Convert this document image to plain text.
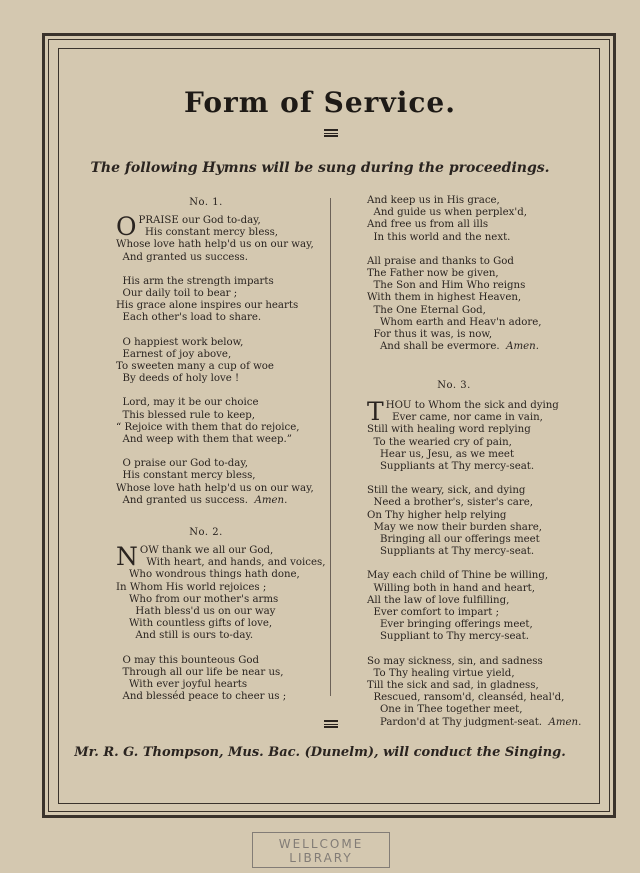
Form of Service.
The following Hymns will be sung during the proceedings.
No. 1.
OPRAISE our God to-day,
His constant mercy bless,
Whose love hath help'd us on our way,
And granted us success.
His arm the strength imparts
Our daily toil to bear ;
His grace alone inspires our hearts
Each other's load to share.
O happiest work below,
Earnest of joy above,
To sweeten many a cup of woe
By deeds of holy love !
Lord, may it be our choice
This blessed rule to keep,
“ Rejoice with them that do rejoice,
And weep with them that weep.”
O praise our God to-day,
His constant mercy bless,
Whose love hath help'd us on our way,
And granted us success.  Amen.
No. 2.
NOW thank we all our God,
With heart, and hands, and voices,
Who wondrous things hath done,
In Whom His world rejoices ;
Who from our mother's arms
Hath bless'd us on our way
With countless gifts of love,
And still is ours to-day.
O may this bounteous God
Through all our life be near us,
With ever joyful hearts
And blesséd peace to cheer us ;
And keep us in His grace,
And guide us when perplex'd,
And free us from all ills
In this world and the next.
All praise and thanks to God
The Father now be given,
The Son and Him Who reigns
With them in highest Heaven,
The One Eternal God,
Whom earth and Heav'n adore,
For thus it was, is now,
And shall be evermore.  Amen.
No. 3.
THOU to Whom the sick and dying
Ever came, nor came in vain,
Still with healing word replying
To the wearied cry of pain,
Hear us, Jesu, as we meet
Suppliants at Thy mercy-seat.
Still the weary, sick, and dying
Need a brother's, sister's care,
On Thy higher help relying
May we now their burden share,
Bringing all our offerings meet
Suppliants at Thy mercy-seat.
May each child of Thine be willing,
Willing both in hand and heart,
All the law of love fulfilling,
Ever comfort to impart ;
Ever bringing offerings meet,
Suppliant to Thy mercy-seat.
So may sickness, sin, and sadness
To Thy healing virtue yield,
Till the sick and sad, in gladness,
Rescued, ransom'd, cleanséd, heal'd,
One in Thee together meet,
Pardon'd at Thy judgment-seat.  Amen.
Mr. R. G. Thompson, Mus. Bac. (Dunelm), will conduct the Singing.
WELLCOME LIBRARY
